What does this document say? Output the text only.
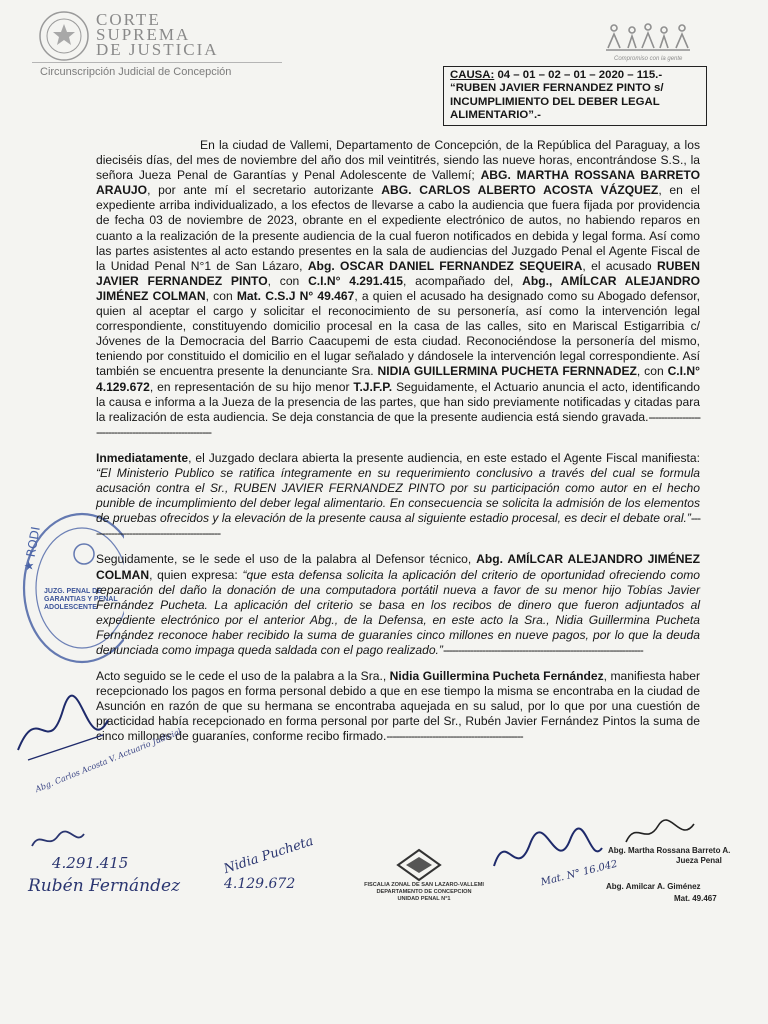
CORTE
SUPREMA
DE JUSTICIA
Circunscripción Judicial de Concepción
Compromiso con la gente
CAUSA: 04 – 01 – 02 – 01 – 2020 – 115.-
“RUBEN JAVIER FERNANDEZ PINTO s/ INCUMPLIMIENTO DEL DEBER LEGAL ALIMENTARIO”.-
★ RODI
JUZG. PENAL DE
GARANTIAS Y PENAL
ADOLESCENTE

En la ciudad de Vallemi, Departamento de Concepción, de la República del Paraguay, a los dieciséis días, del mes de noviembre del año dos mil veintitrés, siendo las nueve horas, encontrándose S.S., la señora Jueza Penal de Garantías y Penal Adolescente de Vallemí; ABG. MARTHA ROSSANA BARRETO ARAUJO, por ante mí el secretario autorizante ABG. CARLOS ALBERTO ACOSTA VÁZQUEZ, en el expediente arriba individualizado, a los efectos de llevarse a cabo la audiencia que fuera fijada por providencia de fecha 03 de noviembre de 2023, obrante en el expediente electrónico de autos, no habiendo reparos en cuanto a la realización de la presente audiencia de la cual fueron notificados en debida y legal forma. Así como las partes asistentes al acto estando presentes en la sala de audiencias del Juzgado Penal el Agente Fiscal de la Unidad Penal N°1 de San Lázaro, Abg. OSCAR DANIEL FERNANDEZ SEQUEIRA, el acusado RUBEN JAVIER FERNANDEZ PINTO, con C.I.N° 4.291.415, acompañado del, Abg., AMÍLCAR ALEJANDRO JIMÉNEZ COLMAN, con Mat. C.S.J N° 49.467, a quien el acusado ha designado como su Abogado defensor, quien al aceptar el cargo y solicitar el reconocimiento de su personería, así como la intervención legal correspondiente, constituyendo domicilio procesal en la casa de las calles, sito en Mariscal Estigarribia c/ Jóvenes de la Democracia del Barrio Caacupemi de esta ciudad. Reconociéndose la personería del mismo, teniendo por constituido el domicilio en el lugar señalado y dándosele la intervención legal correspondiente. Así también se encuentra presente la denunciante Sra. NIDIA GUILLERMINA PUCHETA FERNNADEZ, con C.I.N° 4.129.672, en representación de su hijo menor T.J.F.P. Seguidamente, el Actuario anuncia el acto, identificando la causa e informa a la Jueza de la presencia de las partes, que han sido previamente notificadas y citadas para la realización de esta audiencia. Se deja constancia de que la presente audiencia está siendo gravada.-------------------------------------------------------

Inmediatamente, el Juzgado declara abierta la presente audiencia, en este estado el Agente Fiscal manifiesta: “El Ministerio Publico se ratifica íntegramente en su requerimiento conclusivo a través del cual se formula acusación contra el Sr., RUBEN JAVIER FERNANDEZ PINTO por su participación como autor en el hecho punible de incumplimiento del deber legal alimentario. En consecuencia se solicita la admisión de los elementos de pruebas ofrecidos y la elevación de la presente causa al siguiente estadio procesal, es decir el debate oral.”--------------------------------------------

Seguidamente, se le sede el uso de la palabra al Defensor técnico, Abg. AMÍLCAR ALEJANDRO JIMÉNEZ COLMAN, quien expresa: “que esta defensa solicita la aplicación del criterio de oportunidad ofreciendo como reparación del daño la donación de una computadora portátil nueva a favor de su menor hijo Tobías Javier Fernández Pucheta. La aplicación del criterio se basa en los recibos de dinero que fueron adjuntados al expediente electrónico por el anterior Abg., de la Defensa, en este acto la Sra., Nidia Guillermina Pucheta Fernández reconoce haber recibido la suma de guaraníes cinco millones en nueve pagos, por lo que la deuda denunciada como impaga queda saldada con el pago realizado.”------------------------------------------------------------------

Acto seguido se le cede el uso de la palabra a la Sra., Nidia Guillermina Pucheta Fernández, manifiesta haber recepcionado los pagos en forma personal debido a que en ese tiempo la misma se encontraba en la ciudad de Asunción en razón de que su hermana se encontraba aquejada en su salud, por lo que por una cuestión de practicidad había recepcionado en forma personal por parte del Sr., Rubén Javier Fernández Pintos la suma de cinco millones de guaraníes, conforme recibo firmado.---------------------------------------------

Abg. Carlos Acosta V. Actuario Judicial
4.291.415
Rubén Fernández
Nidia Pucheta
4.129.672	FISCALIA ZONAL DE SAN LAZARO-VALLEMI
DEPARTAMENTO DE CONCEPCION
UNIDAD PENAL N°1
Mat. N° 16.042
Abg. Martha Rossana Barreto A.
Jueza Penal
Abg. Amilcar A. Giménez
Mat. 49.467
